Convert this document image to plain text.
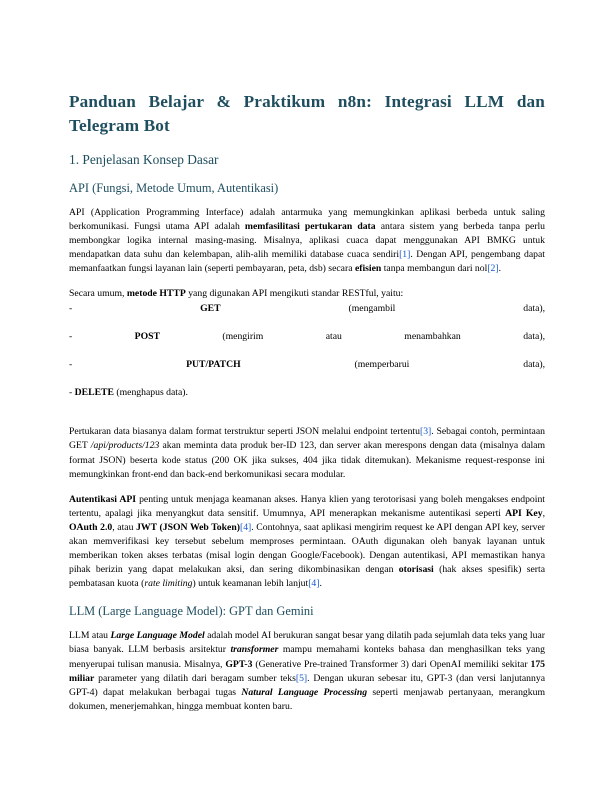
Panduan Belajar & Praktikum n8n: Integrasi LLM dan Telegram Bot
1. Penjelasan Konsep Dasar
API (Fungsi, Metode Umum, Autentikasi)

API (Application Programming Interface) adalah antarmuka yang memungkinkan aplikasi berbeda untuk saling berkomunikasi. Fungsi utama API adalah memfasilitasi pertukaran data antara sistem yang berbeda tanpa perlu membongkar logika internal masing-masing. Misalnya, aplikasi cuaca dapat menggunakan API BMKG untuk mendapatkan data suhu dan kelembapan, alih-alih memiliki database cuaca sendiri[1]. Dengan API, pengembang dapat memanfaatkan fungsi layanan lain (seperti pembayaran, peta, dsb) secara efisien tanpa membangun dari nol[2].

Secara umum, metode HTTP yang digunakan API mengikuti standar RESTful, yaitu:

-	GET	(mengambil	data),
-	POST	(mengirim	atau	menambahkan	data),
-	PUT/PATCH	(memperbarui	data),
- DELETE (menghapus data).

Pertukaran data biasanya dalam format terstruktur seperti JSON melalui endpoint tertentu[3]. Sebagai contoh, permintaan GET /api/products/123 akan meminta data produk ber-ID 123, dan server akan merespons dengan data (misalnya dalam format JSON) beserta kode status (200 OK jika sukses, 404 jika tidak ditemukan). Mekanisme request-response ini memungkinkan front-end dan back-end berkomunikasi secara modular.

Autentikasi API penting untuk menjaga keamanan akses. Hanya klien yang terotorisasi yang boleh mengakses endpoint tertentu, apalagi jika menyangkut data sensitif. Umumnya, API menerapkan mekanisme autentikasi seperti API Key, OAuth 2.0, atau JWT (JSON Web Token)[4]. Contohnya, saat aplikasi mengirim request ke API dengan API key, server akan memverifikasi key tersebut sebelum memproses permintaan. OAuth digunakan oleh banyak layanan untuk memberikan token akses terbatas (misal login dengan Google/Facebook). Dengan autentikasi, API memastikan hanya pihak berizin yang dapat melakukan aksi, dan sering dikombinasikan dengan otorisasi (hak akses spesifik) serta pembatasan kuota (rate limiting) untuk keamanan lebih lanjut[4].

LLM (Large Language Model): GPT dan Gemini

LLM atau Large Language Model adalah model AI berukuran sangat besar yang dilatih pada sejumlah data teks yang luar biasa banyak. LLM berbasis arsitektur transformer mampu memahami konteks bahasa dan menghasilkan teks yang menyerupai tulisan manusia. Misalnya, GPT-3 (Generative Pre-trained Transformer 3) dari OpenAI memiliki sekitar 175 miliar parameter yang dilatih dari beragam sumber teks[5]. Dengan ukuran sebesar itu, GPT-3 (dan versi lanjutannya GPT-4) dapat melakukan berbagai tugas Natural Language Processing seperti menjawab pertanyaan, merangkum dokumen, menerjemahkan, hingga membuat konten baru.
